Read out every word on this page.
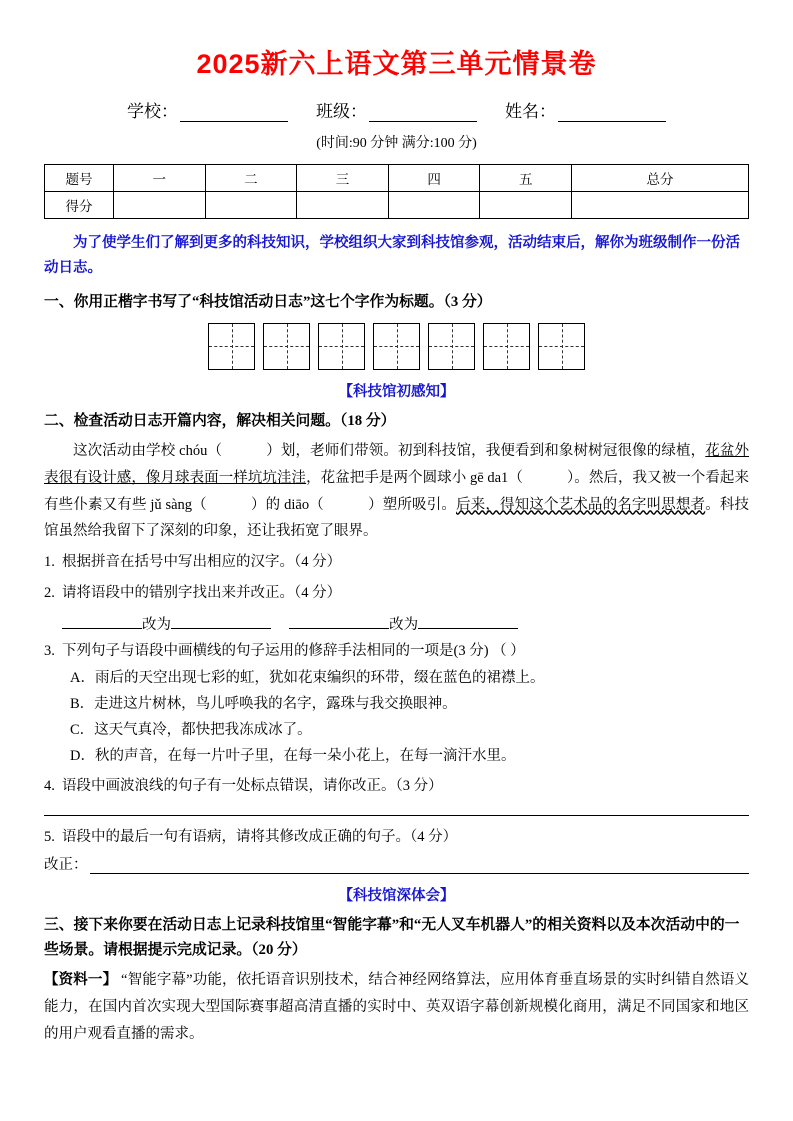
2025新六上语文第三单元情景卷
学校：	班级：	姓名：
(时间:90 分钟 满分:100 分)
题号	一	二	三	四	五	总分
得分						
为了使学生们了解到更多的科技知识，学校组织大家到科技馆参观，活动结束后，解你为班级制作一份活动日志。
一、你用正楷字书写了“科技馆活动日志”这七个字作为标题。（3 分）
【科技馆初感知】
二、检查活动日志开篇内容，解决相关问题。（18 分）
这次活动由学校 chóu（	）划，老师们带领。初到科技馆，我便看到和象树树冠很像的绿植，花盆外表很有设计感，像月球表面一样坑坑洼洼，花盆把手是两个圆球小 gē da1（	）。然后，我又被一个看起来有些仆素又有些 jǔ sàng（	）的 diāo（	）塑所吸引。后来，得知这个艺术品的名字叫思想者。科技馆虽然给我留下了深刻的印象，还让我拓宽了眼界。
1. 根据拼音在括号中写出相应的汉字。（4 分）
2. 请将语段中的错别字找出来并改正。（4 分）
改为	改为
3. 下列句子与语段中画横线的句子运用的修辞手法相同的一项是(3 分) （ ）
A．雨后的天空出现七彩的虹，犹如花束编织的环带，缀在蓝色的裙襟上。
B．走进这片树林，鸟儿呼唤我的名字，露珠与我交换眼神。
C．这天气真冷，都快把我冻成冰了。
D．秋的声音，在每一片叶子里，在每一朵小花上，在每一滴汗水里。
4. 语段中画波浪线的句子有一处标点错误，请你改正。（3 分）
5. 语段中的最后一句有语病，请将其修改成正确的句子。（4 分）
改正：
【科技馆深体会】
三、接下来你要在活动日志上记录科技馆里“智能字幕”和“无人叉车机器人”的相关资料以及本次活动中的一些场景。请根据提示完成记录。（20 分）
【资料一】 “智能字幕”功能，依托语音识别技术，结合神经网络算法，应用体育垂直场景的实时纠错自然语义能力，在国内首次实现大型国际赛事超高清直播的实时中、英双语字幕创新规模化商用，满足不同国家和地区的用户观看直播的需求。
